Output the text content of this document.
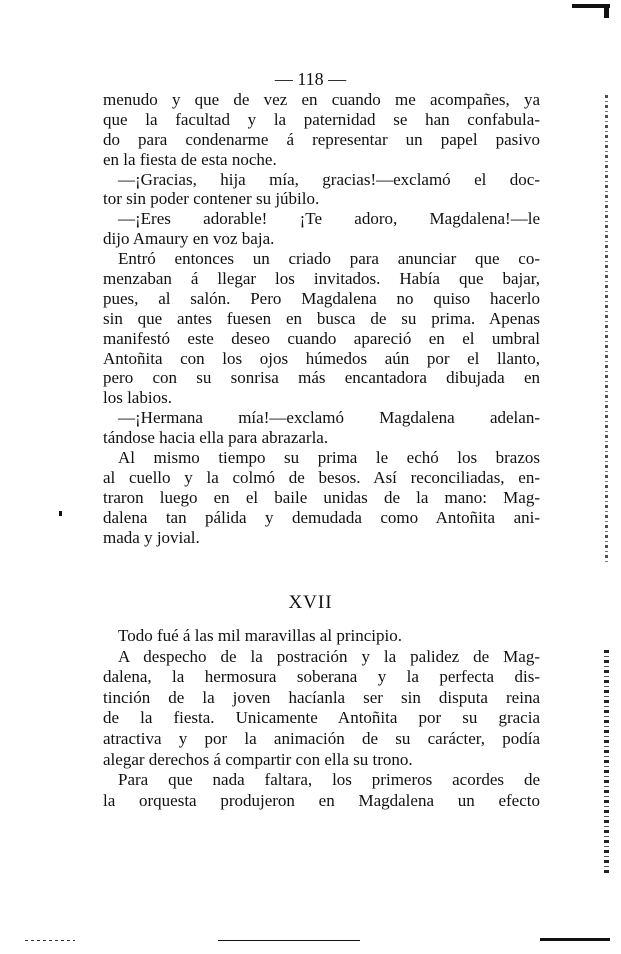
— 118 —
menudo y que de vez en cuando me acompañes, ya
que la facultad y la paternidad se han confabula-
do para condenarme á representar un papel pasivo
en la fiesta de esta noche.
—¡Gracias, hija mía, gracias!—exclamó el doc-
tor sin poder contener su júbilo.
—¡Eres adorable! ¡Te adoro, Magdalena!—le
dijo Amaury en voz baja.
Entró entonces un criado para anunciar que co-
menzaban á llegar los invitados. Había que bajar,
pues, al salón. Pero Magdalena no quiso hacerlo
sin que antes fuesen en busca de su prima. Apenas
manifestó este deseo cuando apareció en el umbral
Antoñita con los ojos húmedos aún por el llanto,
pero con su sonrisa más encantadora dibujada en
los labios.
—¡Hermana mía!—exclamó Magdalena adelan-
tándose hacia ella para abrazarla.
Al mismo tiempo su prima le echó los brazos
al cuello y la colmó de besos. Así reconciliadas, en-
traron luego en el baile unidas de la mano: Mag-
dalena tan pálida y demudada como Antoñita ani-
mada y jovial.
XVII
Todo fué á las mil maravillas al principio.
A despecho de la postración y la palidez de Mag-
dalena, la hermosura soberana y la perfecta dis-
tinción de la joven hacíanla ser sin disputa reina
de la fiesta. Unicamente Antoñita por su gracia
atractiva y por la animación de su carácter, podía
alegar derechos á compartir con ella su trono.
Para que nada faltara, los primeros acordes de
la orquesta produjeron en Magdalena un efecto
